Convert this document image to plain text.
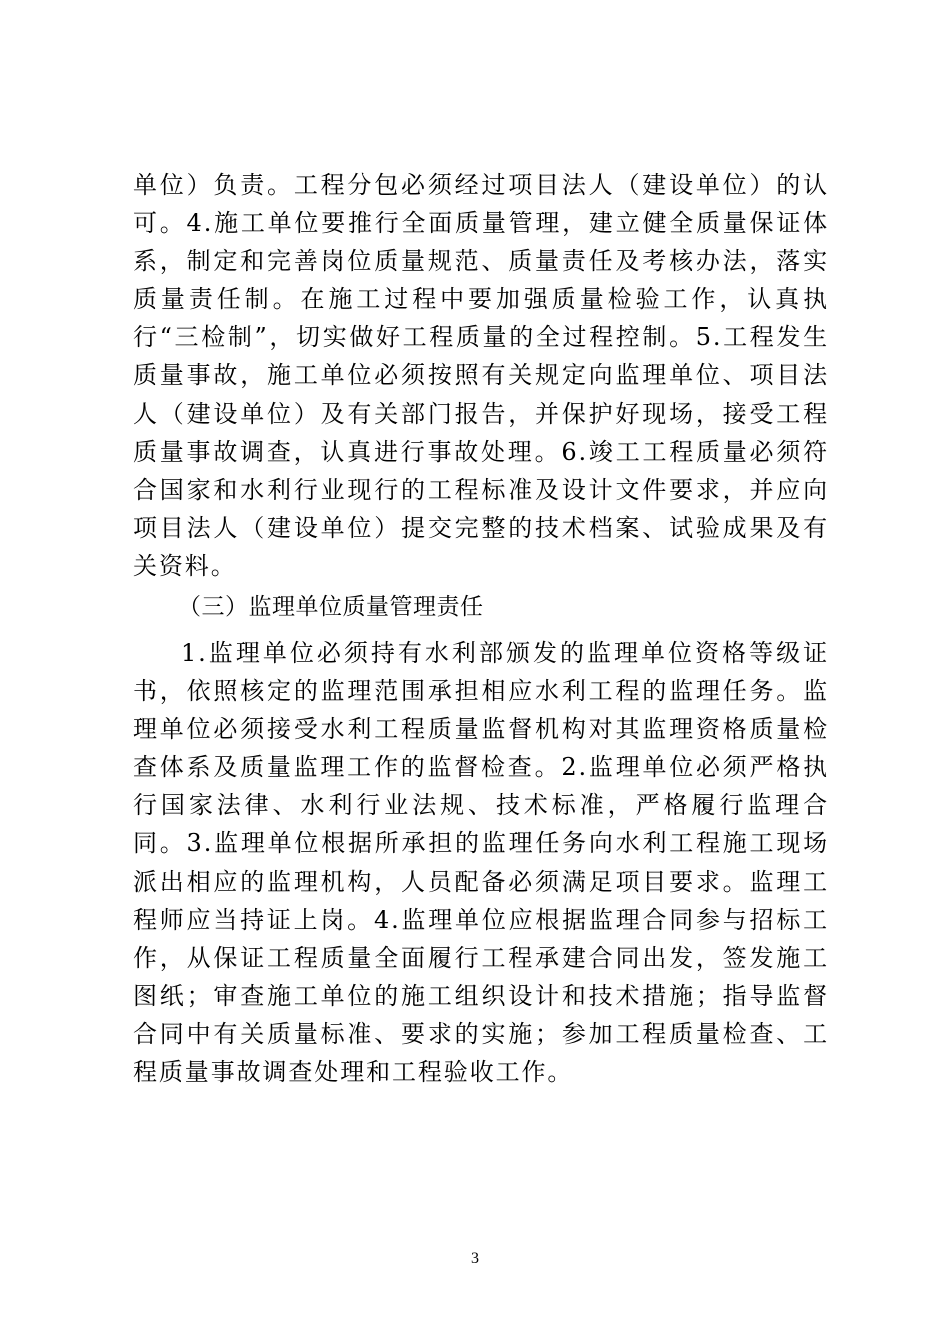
单位）负责。工程分包必须经过项目法人（建设单位）的认可。4.施工单位要推行全面质量管理，建立健全质量保证体系，制定和完善岗位质量规范、质量责任及考核办法，落实质量责任制。在施工过程中要加强质量检验工作，认真执行“三检制”，切实做好工程质量的全过程控制。5.工程发生质量事故，施工单位必须按照有关规定向监理单位、项目法人（建设单位）及有关部门报告，并保护好现场，接受工程质量事故调查，认真进行事故处理。6.竣工工程质量必须符合国家和水利行业现行的工程标准及设计文件要求，并应向项目法人（建设单位）提交完整的技术档案、试验成果及有关资料。

（三）监理单位质量管理责任

1.监理单位必须持有水利部颁发的监理单位资格等级证书，依照核定的监理范围承担相应水利工程的监理任务。监理单位必须接受水利工程质量监督机构对其监理资格质量检查体系及质量监理工作的监督检查。2.监理单位必须严格执行国家法律、水利行业法规、技术标准，严格履行监理合同。3.监理单位根据所承担的监理任务向水利工程施工现场派出相应的监理机构，人员配备必须满足项目要求。监理工程师应当持证上岗。4.监理单位应根据监理合同参与招标工作，从保证工程质量全面履行工程承建合同出发，签发施工图纸；审查施工单位的施工组织设计和技术措施；指导监督合同中有关质量标准、要求的实施；参加工程质量检查、工程质量事故调查处理和工程验收工作。

3
